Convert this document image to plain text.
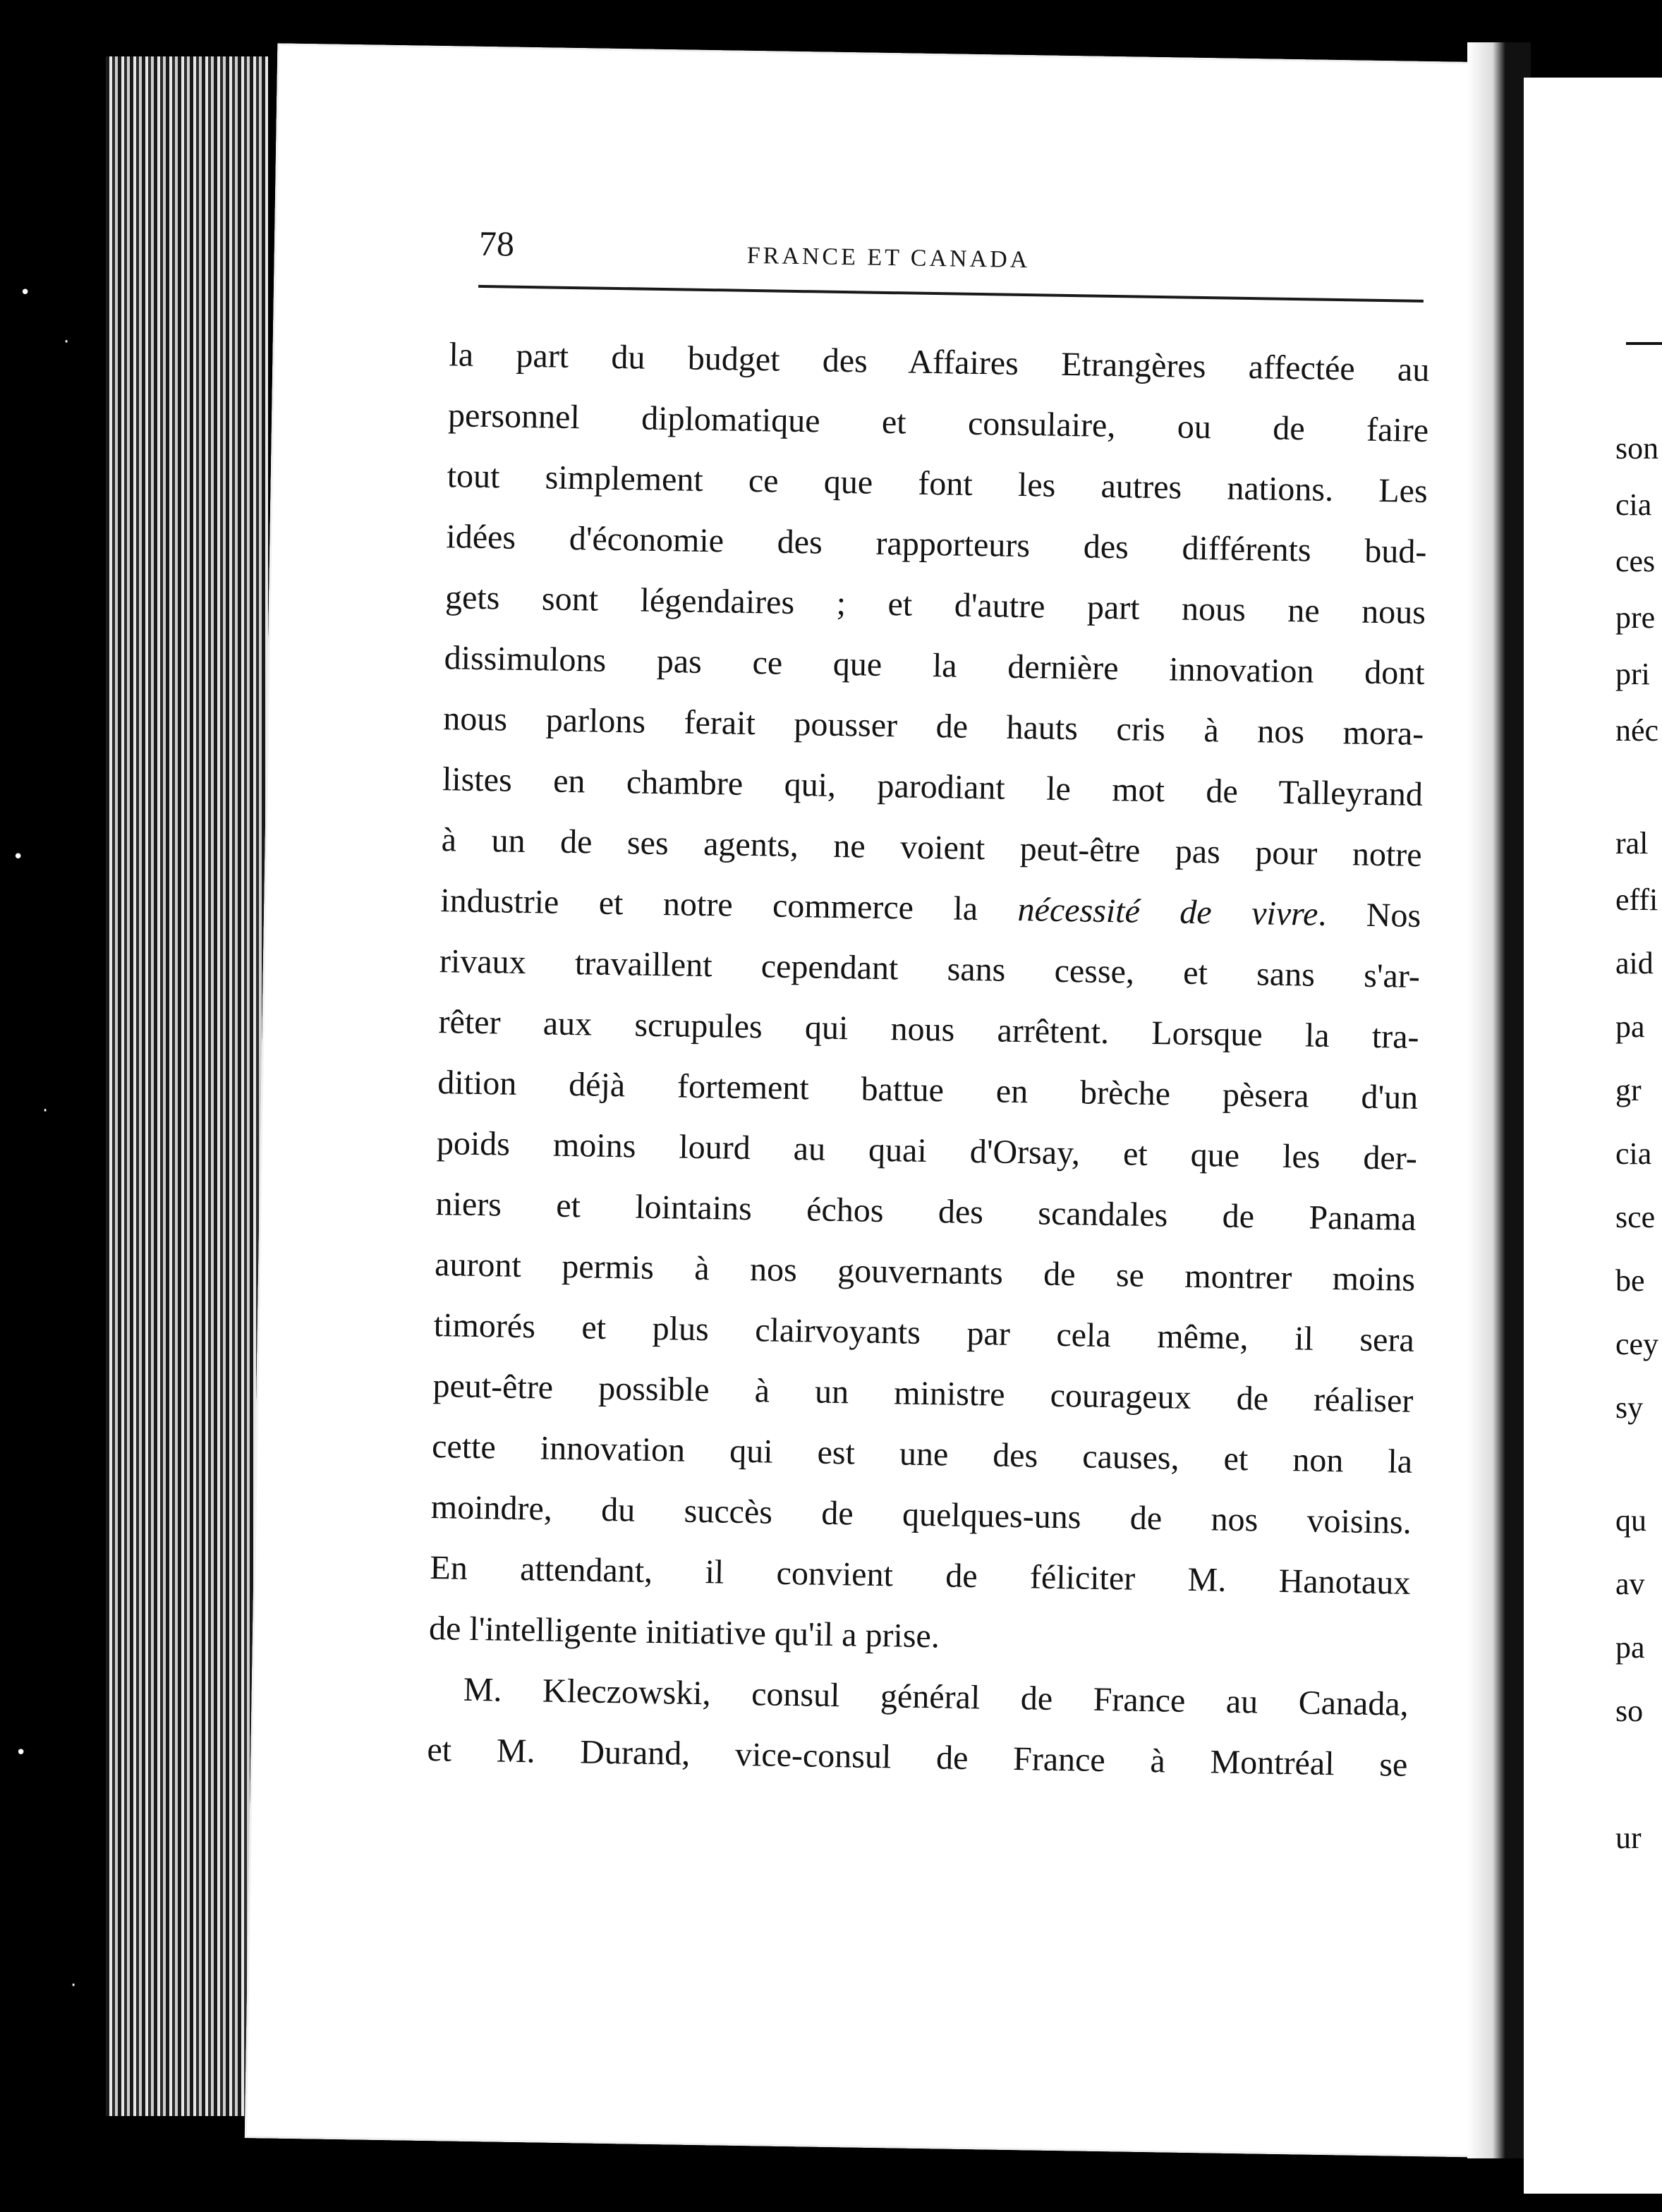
•
·
•
·
•
·
78	FRANCE ET CANADA
la part du budget des Affaires Etrangères affectée au
personnel diplomatique et consulaire, ou de faire
tout simplement ce que font les autres nations. Les
idées d'économie des rapporteurs des différents bud-
gets sont légendaires ; et d'autre part nous ne nous
dissimulons pas ce que la dernière innovation dont
nous parlons ferait pousser de hauts cris à nos mora-
listes en chambre qui, parodiant le mot de Talleyrand
à un de ses agents, ne voient peut-être pas pour notre
industrie et notre commerce la nécessité de vivre. Nos
rivaux travaillent cependant sans cesse, et sans s'ar-
rêter aux scrupules qui nous arrêtent. Lorsque la tra-
dition déjà fortement battue en brèche pèsera d'un
poids moins lourd au quai d'Orsay, et que les der-
niers et lointains échos des scandales de Panama
auront permis à nos gouvernants de se montrer moins
timorés et plus clairvoyants par cela même, il sera
peut-être possible à un ministre courageux de réaliser
cette innovation qui est une des causes, et non la
moindre, du succès de quelques-uns de nos voisins.
En attendant, il convient de féliciter M. Hanotaux
de l'intelligente initiative qu'il a prise.
M. Kleczowski, consul général de France au Canada,
et M. Durand, vice-consul de France à Montréal se
son
cia
ces
pre
pri
néc
ral
effi
aid
pa
gr
cia
sce
be
cey
sy
qu
av
pa
so
ur
